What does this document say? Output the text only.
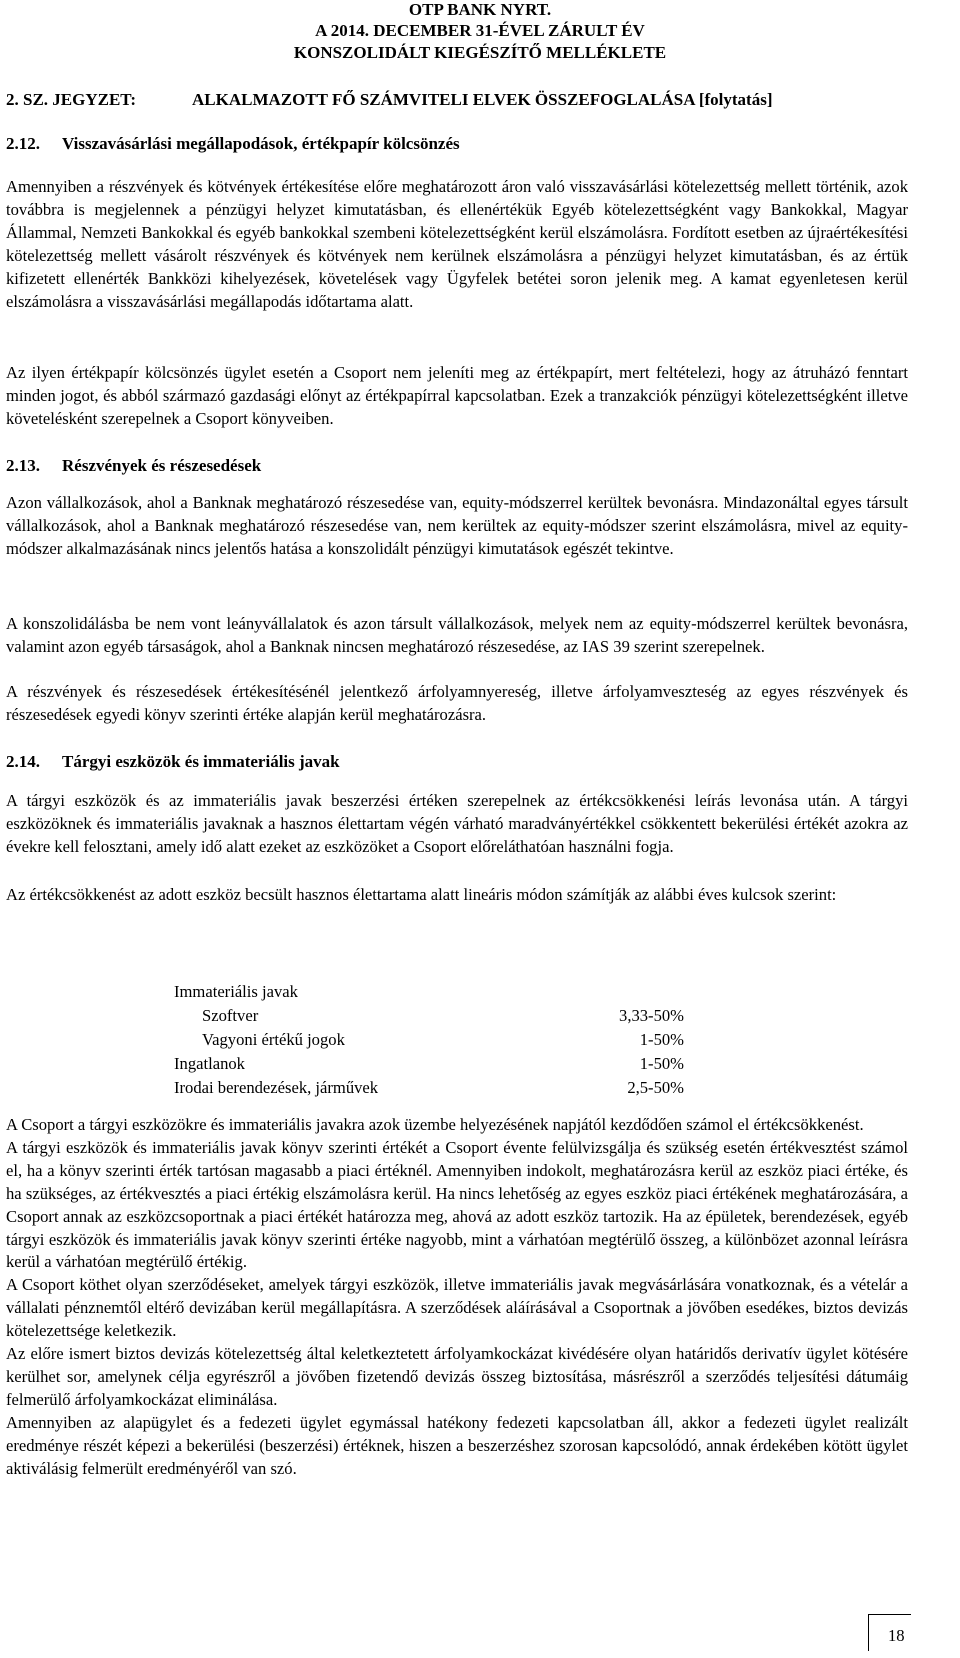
OTP BANK NYRT.
A 2014. DECEMBER 31-ÉVEL ZÁRULT ÉV
KONSZOLIDÁLT KIEGÉSZÍTŐ MELLÉKLETE
2. SZ. JEGYZET:	ALKALMAZOTT FŐ SZÁMVITELI ELVEK ÖSSZEFOGLALÁSA [folytatás]
2.12. Visszavásárlási megállapodások, értékpapír kölcsönzés

Amennyiben a részvények és kötvények értékesítése előre meghatározott áron való visszavásárlási kötelezettség mellett történik, azok továbbra is megjelennek a pénzügyi helyzet kimutatásban, és ellenértékük Egyéb kötelezettségként vagy Bankokkal, Magyar Állammal, Nemzeti Bankokkal és egyéb bankokkal szembeni kötelezettségként kerül elszámolásra. Fordított esetben az újraértékesítési kötelezettség mellett vásárolt részvények és kötvények nem kerülnek elszámolásra a pénzügyi helyzet kimutatásban, és az értük kifizetett ellenérték Bankközi kihelyezések, követelések vagy Ügyfelek betétei soron jelenik meg. A kamat egyenletesen kerül elszámolásra a visszavásárlási megállapodás időtartama alatt.

Az ilyen értékpapír kölcsönzés ügylet esetén a Csoport nem jeleníti meg az értékpapírt, mert feltételezi, hogy az átruházó fenntart minden jogot, és abból származó gazdasági előnyt az értékpapírral kapcsolatban. Ezek a tranzakciók pénzügyi kötelezettségként illetve követelésként szerepelnek a Csoport könyveiben.

2.13. Részvények és részesedések

Azon vállalkozások, ahol a Banknak meghatározó részesedése van, equity-módszerrel kerültek bevonásra. Mindazonáltal egyes társult vállalkozások, ahol a Banknak meghatározó részesedése van, nem kerültek az equity-módszer szerint elszámolásra, mivel az equity-módszer alkalmazásának nincs jelentős hatása a konszolidált pénzügyi kimutatások egészét tekintve.

A konszolidálásba be nem vont leányvállalatok és azon társult vállalkozások, melyek nem az equity-módszerrel kerültek bevonásra, valamint azon egyéb társaságok, ahol a Banknak nincsen meghatározó részesedése, az IAS 39 szerint szerepelnek.

A részvények és részesedések értékesítésénél jelentkező árfolyamnyereség, illetve árfolyamveszteség az egyes részvények és részesedések egyedi könyv szerinti értéke alapján kerül meghatározásra.

2.14. Tárgyi eszközök és immateriális javak

A tárgyi eszközök és az immateriális javak beszerzési értéken szerepelnek az értékcsökkenési leírás levonása után. A tárgyi eszközöknek és immateriális javaknak a hasznos élettartam végén várható maradványértékkel csökkentett bekerülési értékét azokra az évekre kell felosztani, amely idő alatt ezeket az eszközöket a Csoport előreláthatóan használni fogja.

Az értékcsökkenést az adott eszköz becsült hasznos élettartama alatt lineáris módon számítják az alábbi éves kulcsok szerint:

Immateriális javak
Szoftver	3,33-50%
Vagyoni értékű jogok	1-50%
Ingatlanok	1-50%
Irodai berendezések, járművek	2,5-50%
A Csoport a tárgyi eszközökre és immateriális javakra azok üzembe helyezésének napjától kezdődően számol el értékcsökkenést.
A tárgyi eszközök és immateriális javak könyv szerinti értékét a Csoport évente felülvizsgálja és szükség esetén értékvesztést számol el, ha a könyv szerinti érték tartósan magasabb a piaci értéknél. Amennyiben indokolt, meghatározásra kerül az eszköz piaci értéke, és ha szükséges, az értékvesztés a piaci értékig elszámolásra kerül. Ha nincs lehetőség az egyes eszköz piaci értékének meghatározására, a Csoport annak az eszközcsoportnak a piaci értékét határozza meg, ahová az adott eszköz tartozik. Ha az épületek, berendezések, egyéb tárgyi eszközök és immateriális javak könyv szerinti értéke nagyobb, mint a várhatóan megtérülő összeg, a különbözet azonnal leírásra kerül a várhatóan megtérülő értékig.
A Csoport köthet olyan szerződéseket, amelyek tárgyi eszközök, illetve immateriális javak megvásárlására vonatkoznak, és a vételár a vállalati pénznemtől eltérő devizában kerül megállapításra. A szerződések aláírásával a Csoportnak a jövőben esedékes, biztos devizás kötelezettsége keletkezik.
Az előre ismert biztos devizás kötelezettség által keletkeztetett árfolyamkockázat kivédésére olyan határidős derivatív ügylet kötésére kerülhet sor, amelynek célja egyrészről a jövőben fizetendő devizás összeg biztosítása, másrészről a szerződés teljesítési dátumáig felmerülő árfolyamkockázat eliminálása.
Amennyiben az alapügylet és a fedezeti ügylet egymással hatékony fedezeti kapcsolatban áll, akkor a fedezeti ügylet realizált eredménye részét képezi a bekerülési (beszerzési) értéknek, hiszen a beszerzéshez szorosan kapcsolódó, annak érdekében kötött ügylet aktiválásig felmerült eredményéről van szó.
18
